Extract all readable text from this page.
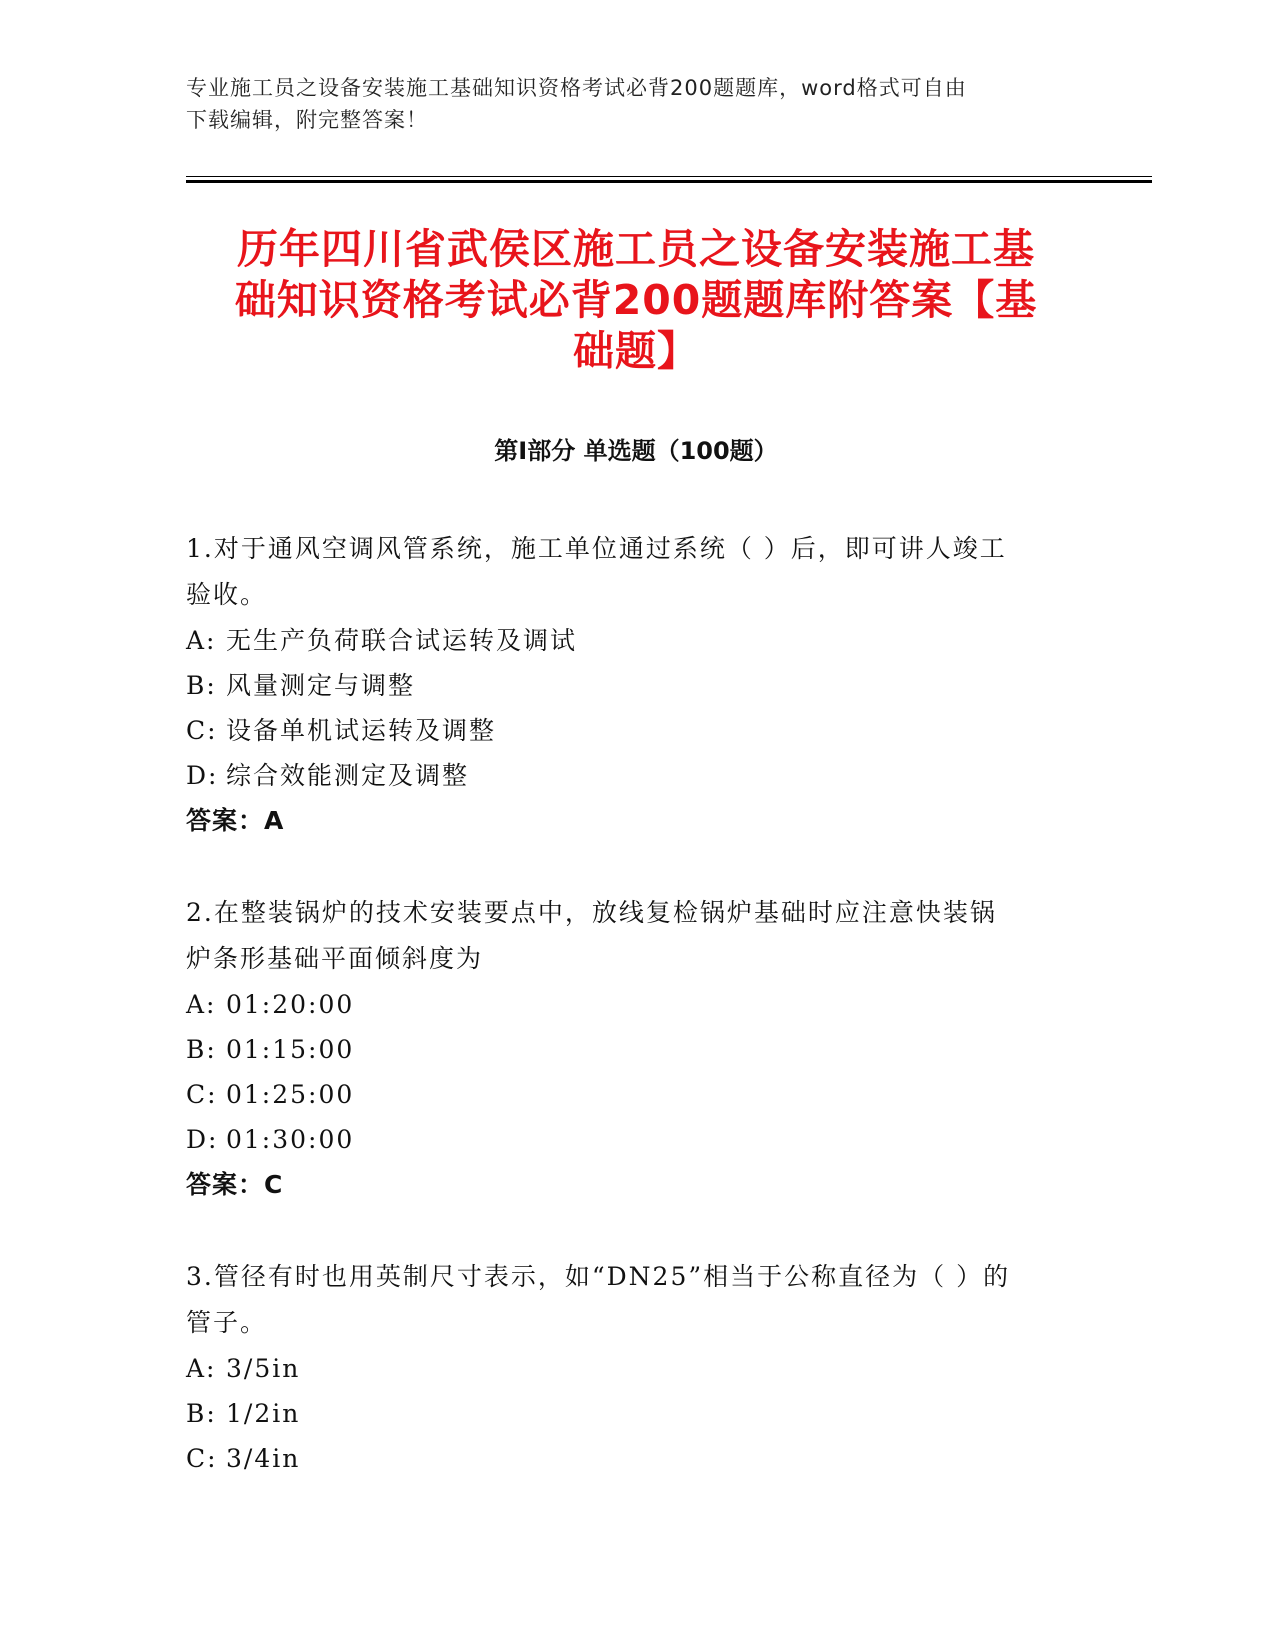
专业施工员之设备安装施工基础知识资格考试必背200题题库，word格式可自由
下载编辑，附完整答案！
历年四川省武侯区施工员之设备安装施工基
础知识资格考试必背200题题库附答案【基
础题】
第Ⅰ部分 单选题（100题）
1.对于通风空调风管系统，施工单位通过系统（ ）后，即可讲人竣工
验收。
A: 无生产负荷联合试运转及调试
B: 风量测定与调整
C: 设备单机试运转及调整
D: 综合效能测定及调整
答案：A
2.在整装锅炉的技术安装要点中，放线复检锅炉基础时应注意快装锅
炉条形基础平面倾斜度为
A: 01:20:00
B: 01:15:00
C: 01:25:00
D: 01:30:00
答案：C
3.管径有时也用英制尺寸表示，如“DN25”相当于公称直径为（ ）的
管子。
A: 3/5in
B: 1/2in
C: 3/4in
